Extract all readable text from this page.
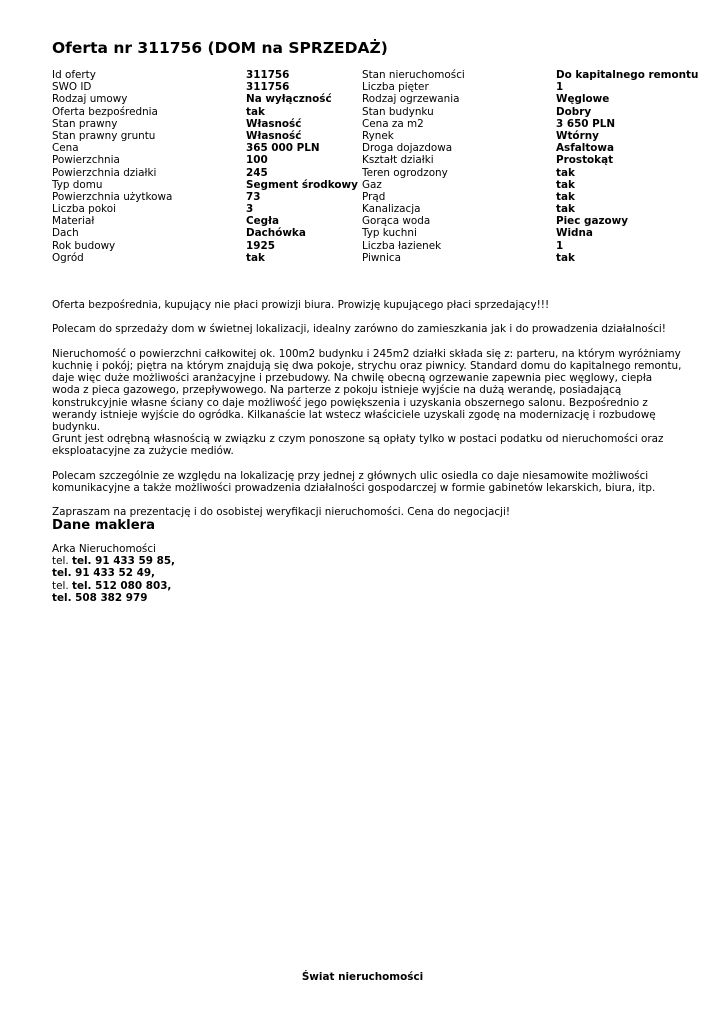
Oferta nr 311756 (DOM na SPRZEDAŻ)
Id oferty	311756
SWO ID	311756
Rodzaj umowy	Na wyłączność
Oferta bezpośrednia	tak
Stan prawny	Własność
Stan prawny gruntu	Własność
Cena	365 000 PLN
Powierzchnia	100
Powierzchnia działki	245
Typ domu	Segment środkowy
Powierzchnia użytkowa	73
Liczba pokoi	3
Materiał	Cegła
Dach	Dachówka
Rok budowy	1925
Ogród	tak
Stan nieruchomości	Do kapitalnego remontu
Liczba pięter	1
Rodzaj ogrzewania	Węglowe
Stan budynku	Dobry
Cena za m2	3 650 PLN
Rynek	Wtórny
Droga dojazdowa	Asfaltowa
Kształt działki	Prostokąt
Teren ogrodzony	tak
Gaz	tak
Prąd	tak
Kanalizacja	tak
Gorąca woda	Piec gazowy
Typ kuchni	Widna
Liczba łazienek	1
Piwnica	tak

Oferta bezpośrednia, kupujący nie płaci prowizji biura. Prowizję kupującego płaci sprzedający!!!

Polecam do sprzedaży dom w świetnej lokalizacji, idealny zarówno do zamieszkania jak i do prowadzenia działalności!

Nieruchomość o powierzchni całkowitej ok. 100m2 budynku i 245m2 działki składa się z: parteru, na którym wyróżniamy kuchnię i pokój; piętra na którym znajdują się dwa pokoje, strychu oraz piwnicy. Standard domu do kapitalnego remontu, daje więc duże możliwości aranżacyjne i przebudowy. Na chwilę obecną ogrzewanie zapewnia piec węglowy, ciepła woda z pieca gazowego, przepływowego. Na parterze z pokoju istnieje wyjście na dużą werandę, posiadającą konstrukcyjnie własne ściany co daje możliwość jego powiększenia i uzyskania obszernego salonu. Bezpośrednio z werandy istnieje wyjście do ogródka. Kilkanaście lat wstecz właściciele uzyskali zgodę na modernizację i rozbudowę budynku.
Grunt jest odrębną własnością w związku z czym ponoszone są opłaty tylko w postaci podatku od nieruchomości oraz eksploatacyjne za zużycie mediów.

Polecam szczególnie ze względu na lokalizację przy jednej z głównych ulic osiedla co daje niesamowite możliwości komunikacyjne a także możliwości prowadzenia działalności gospodarczej w formie gabinetów lekarskich, biura, itp.

Zapraszam na prezentację i do osobistej weryfikacji nieruchomości. Cena do negocjacji!

Dane maklera
Arka Nieruchomości
tel. tel. 91 433 59 85,
tel. 91 433 52 49,
tel. tel. 512 080 803,
tel. 508 382 979
Świat nieruchomości
